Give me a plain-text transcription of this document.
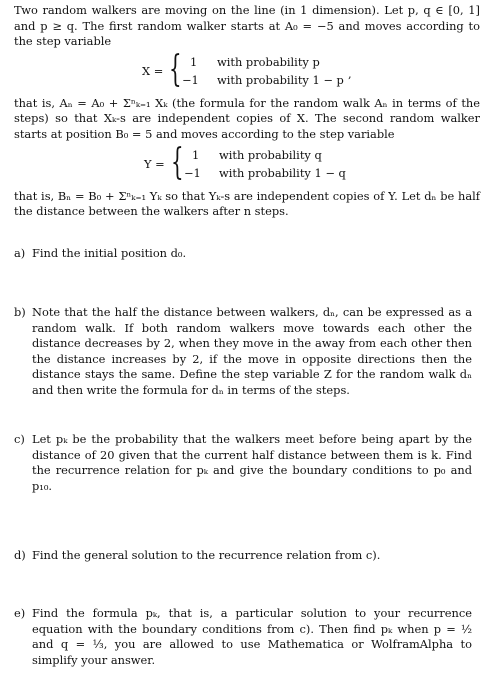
Two random walkers are moving on the line (in 1 dimension). Let p, q ∈ [0, 1] and p ≥ q. The first random walker starts at A₀ = −5 and moves according to the step variable

X = { 1 with probability p
−1 with probability 1 − p ,

that is, Aₙ = A₀ + Σⁿₖ₌₁ Xₖ (the formula for the random walk Aₙ in terms of the steps) so that Xₖ-s are independent copies of X. The second random walker starts at position B₀ = 5 and moves according to the step variable

Y = { 1 with probability q
−1 with probability 1 − q

that is, Bₙ = B₀ + Σⁿₖ₌₁ Yₖ so that Yₖ-s are independent copies of Y. Let dₙ be half the distance between the walkers after n steps.

a) Find the initial position d₀.
b) Note that the half the distance between walkers, dₙ, can be expressed as a random walk. If both random walkers move towards each other the distance decreases by 2, when they move in the away from each other then the distance increases by 2, if the move in opposite directions then the distance stays the same. Define the step variable Z for the random walk dₙ and then write the formula for dₙ in terms of the steps.
c) Let pₖ be the probability that the walkers meet before being apart by the distance of 20 given that the current half distance between them is k. Find the recurrence relation for pₖ and give the boundary conditions to p₀ and p₁₀.
d) Find the general solution to the recurrence relation from c).
e) Find the formula pₖ, that is, a particular solution to your recurrence equation with the boundary conditions from c). Then find pₖ when p = ½ and q = ⅓, you are allowed to use Mathematica or WolframAlpha to simplify your answer.
